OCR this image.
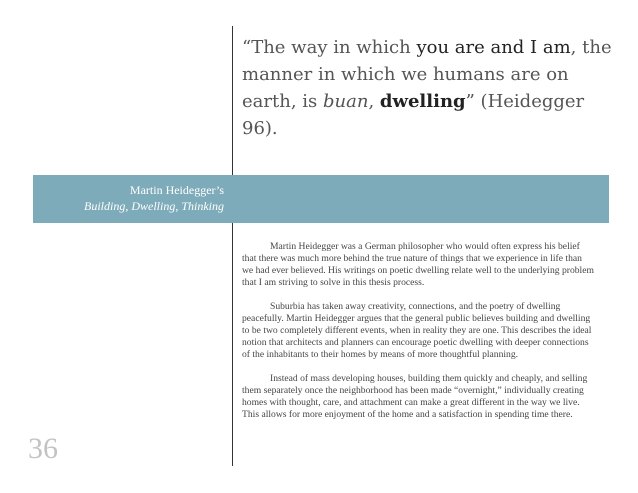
“The way in which you are and I am, the manner in which we humans are on earth, is buan, dwelling” (Heidegger 96).

Martin Heidegger’s
Building, Dwelling, Thinking

Martin Heidegger was a German philosopher who would often express his belief that there was much more behind the true nature of things that we experience in life than we had ever believed. His writings on poetic dwelling relate well to the underlying problem that I am striving to solve in this thesis process.

Suburbia has taken away creativity, connections, and the poetry of dwelling peacefully. Martin Heidegger argues that the general public believes building and dwelling to be two completely different events, when in reality they are one. This describes the ideal notion that architects and planners can encourage poetic dwelling with deeper connections of the inhabitants to their homes by means of more thoughtful planning.

Instead of mass developing houses, building them quickly and cheaply, and selling them separately once the neighborhood has been made “overnight,” individually creating homes with thought, care, and attachment can make a great different in the way we live. This allows for more enjoyment of the home and a satisfaction in spending time there.

36
